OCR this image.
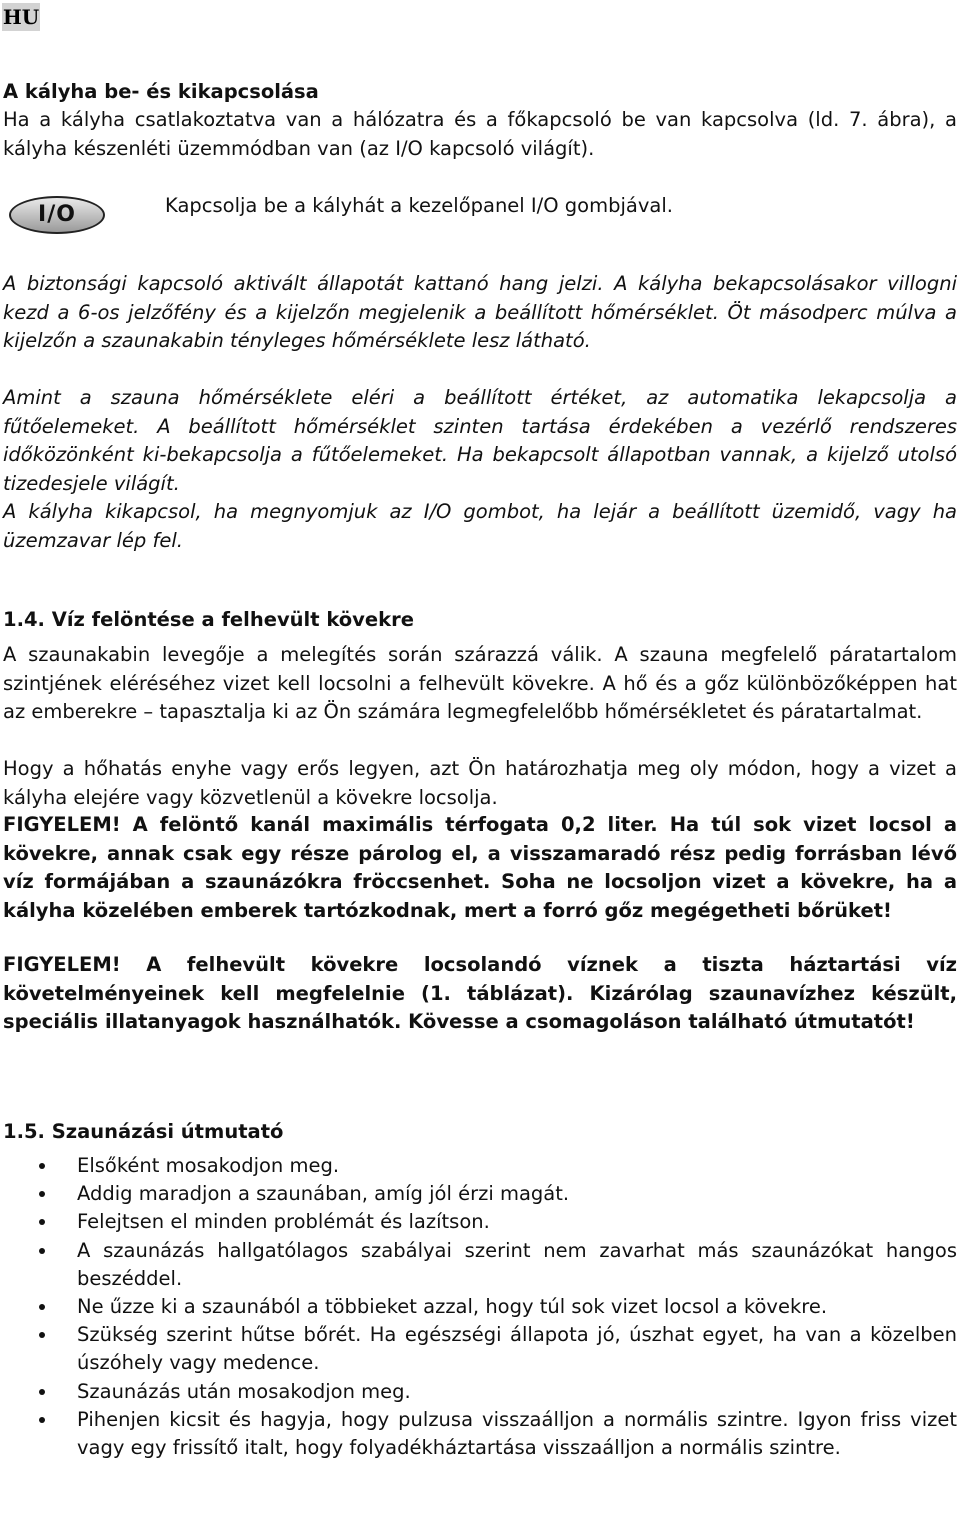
HU
A kályha be- és kikapcsolása
Ha a kályha csatlakoztatva van a hálózatra és a főkapcsoló be van kapcsolva (ld. 7. ábra), a kályha készenléti üzemmódban van (az I/O kapcsoló világít).
I/O	Kapcsolja be a kályhát a kezelőpanel I/O gombjával.
A biztonsági kapcsoló aktivált állapotát kattanó hang jelzi. A kályha bekapcsolásakor villogni kezd a 6-os jelzőfény és a kijelzőn megjelenik a beállított hőmérséklet. Öt másodperc múlva a kijelzőn a szaunakabin tényleges hőmérséklete lesz látható.
Amint a szauna hőmérséklete eléri a beállított értéket, az automatika lekapcsolja a fűtőelemeket. A beállított hőmérséklet szinten tartása érdekében a vezérlő rendszeres időközönként ki-bekapcsolja a fűtőelemeket. Ha bekapcsolt állapotban vannak, a kijelző utolsó tizedesjele világít.
A kályha kikapcsol, ha megnyomjuk az I/O gombot, ha lejár a beállított üzemidő, vagy ha üzemzavar lép fel.
1.4. Víz felöntése a felhevült kövekre
A szaunakabin levegője a melegítés során szárazzá válik. A szauna megfelelő páratartalom szintjének eléréséhez vizet kell locsolni a felhevült kövekre. A hő és a gőz különbözőképpen hat az emberekre – tapasztalja ki az Ön számára legmegfelelőbb hőmérsékletet és páratartalmat.
Hogy a hőhatás enyhe vagy erős legyen, azt Ön határozhatja meg oly módon, hogy a vizet a kályha elejére vagy közvetlenül a kövekre locsolja.
FIGYELEM! A felöntő kanál maximális térfogata 0,2 liter. Ha túl sok vizet locsol a kövekre, annak csak egy része párolog el, a visszamaradó rész pedig forrásban lévő víz formájában a szaunázókra fröccsenhet. Soha ne locsoljon vizet a kövekre, ha a kályha közelében emberek tartózkodnak, mert a forró gőz megégetheti bőrüket!
FIGYELEM! A felhevült kövekre locsolandó víznek a tiszta háztartási víz követelményeinek kell megfelelnie (1. táblázat). Kizárólag szaunavízhez készült, speciális illatanyagok használhatók. Kövesse a csomagoláson található útmutatót!
1.5. Szaunázási útmutató
Elsőként mosakodjon meg.
Addig maradjon a szaunában, amíg jól érzi magát.
Felejtsen el minden problémát és lazítson.
A szaunázás hallgatólagos szabályai szerint nem zavarhat más szaunázókat hangos beszéddel.
Ne űzze ki a szaunából a többieket azzal, hogy túl sok vizet locsol a kövekre.
Szükség szerint hűtse bőrét. Ha egészségi állapota jó, úszhat egyet, ha van a közelben úszóhely vagy medence.
Szaunázás után mosakodjon meg.
Pihenjen kicsit és hagyja, hogy pulzusa visszaálljon a normális szintre. Igyon friss vizet vagy egy frissítő italt, hogy folyadékháztartása visszaálljon a normális szintre.
